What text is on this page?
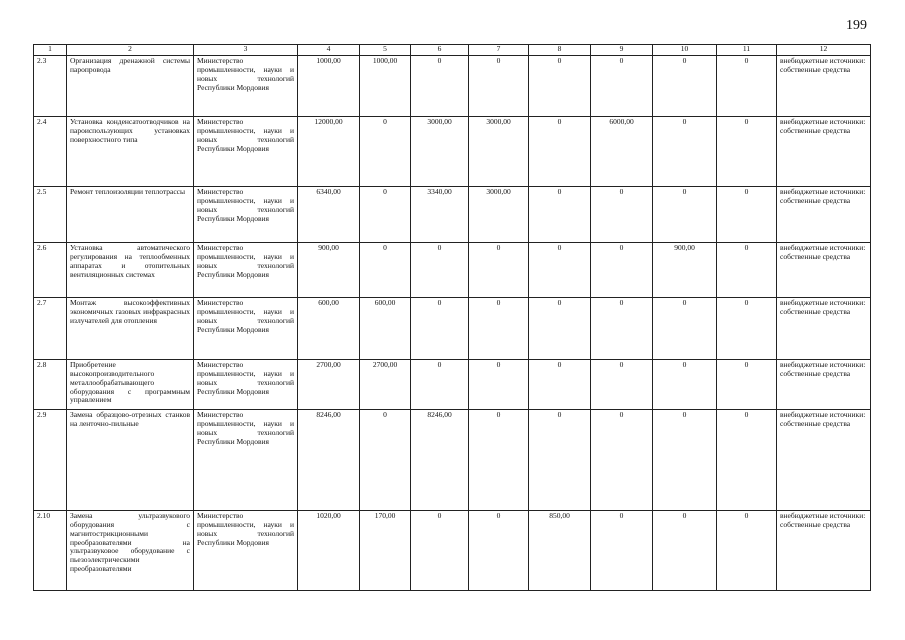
199
1	2	3	4	5	6	7	8	9	10	11	12
2.3	Организация дренажной системы паропровода	Министерство промышленности, науки и новых технологий Республики Мордовия	1000,00	1000,00	0	0	0	0	0	0	внебюджетные источники: собственные средства
2.4	Установка конденсатоотводчиков на пароиспользующих установках поверхностного типа	Министерство промышленности, науки и новых технологий Республики Мордовия	12000,00	0	3000,00	3000,00	0	6000,00	0	0	внебюджетные источники: собственные средства
2.5	Ремонт теплоизоляции теплотрассы	Министерство промышленности, науки и новых технологий Республики Мордовия	6340,00	0	3340,00	3000,00	0	0	0	0	внебюджетные источники: собственные средства
2.6	Установка автоматического регулирования на теплообменных аппаратах и отопительных вентиляционных системах	Министерство промышленности, науки и новых технологий Республики Мордовия	900,00	0	0	0	0	0	900,00	0	внебюджетные источники: собственные средства
2.7	Монтаж высокоэффективных экономичных газовых инфракрасных излучателей для отопления	Министерство промышленности, науки и новых технологий Республики Мордовия	600,00	600,00	0	0	0	0	0	0	внебюджетные источники: собственные средства
2.8	Приобретение высокопроизводительного металлообрабатывающего оборудования с программным управлением	Министерство промышленности, науки и новых технологий Республики Мордовия	2700,00	2700,00	0	0	0	0	0	0	внебюджетные источники: собственные средства
2.9	Замена образцово-отрезных станков на ленточно-пильные	Министерство промышленности, науки и новых технологий Республики Мордовия	8246,00	0	8246,00	0	0	0	0	0	внебюджетные источники: собственные средства
2.10	Замена ультразвукового оборудования с магнитострикционными преобразователями на ультразвуковое оборудование с пьезоэлектрическими преобразователями	Министерство промышленности, науки и новых технологий Республики Мордовия	1020,00	170,00	0	0	850,00	0	0	0	внебюджетные источники: собственные средства
